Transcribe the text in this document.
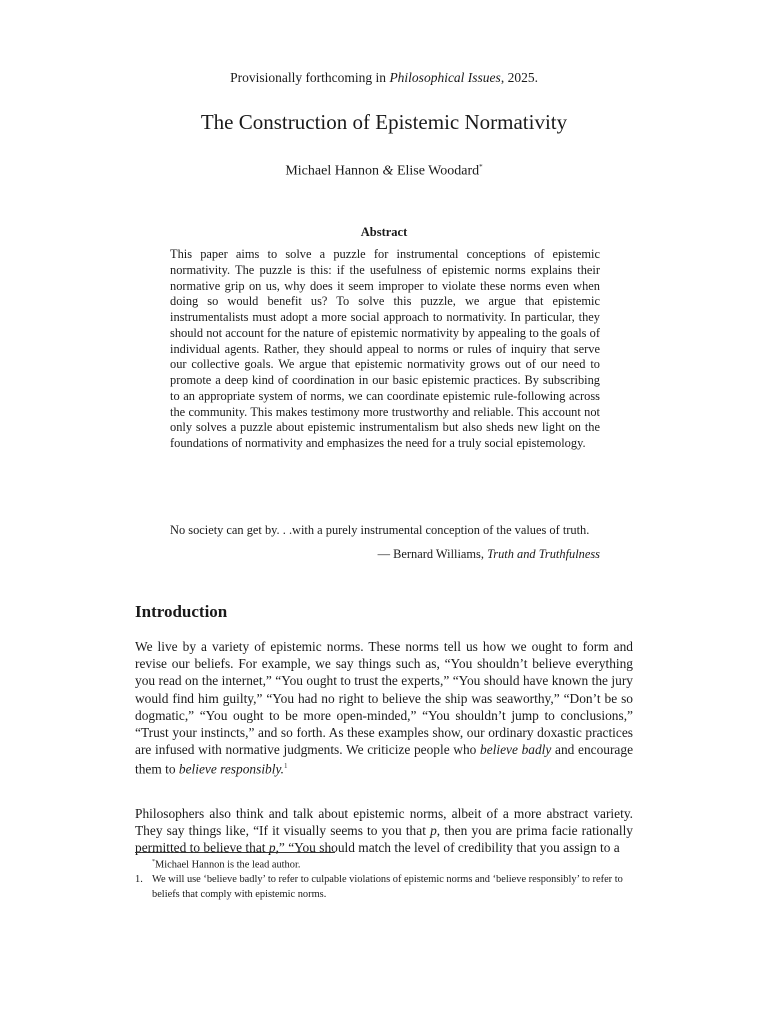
Provisionally forthcoming in Philosophical Issues, 2025.
The Construction of Epistemic Normativity
Michael Hannon & Elise Woodard*
Abstract

This paper aims to solve a puzzle for instrumental conceptions of epistemic normativity. The puzzle is this: if the usefulness of epistemic norms explains their normative grip on us, why does it seem improper to violate these norms even when doing so would benefit us? To solve this puzzle, we argue that epistemic instrumentalists must adopt a more social approach to normativity. In particular, they should not account for the nature of epistemic normativity by appealing to the goals of individual agents. Rather, they should appeal to norms or rules of inquiry that serve our collective goals. We argue that epistemic normativity grows out of our need to promote a deep kind of coordination in our basic epistemic practices. By subscribing to an appropriate system of norms, we can coordinate epistemic rule-following across the community. This makes testimony more trustworthy and reliable. This account not only solves a puzzle about epistemic instrumentalism but also sheds new light on the foundations of normativity and emphasizes the need for a truly social epistemology.

No society can get by. . .with a purely instrumental conception of the values of truth.

— Bernard Williams, Truth and Truthfulness
Introduction

We live by a variety of epistemic norms. These norms tell us how we ought to form and revise our beliefs. For example, we say things such as, “You shouldn’t believe everything you read on the internet,” “You ought to trust the experts,” “You should have known the jury would find him guilty,” “You had no right to believe the ship was seaworthy,” “Don’t be so dogmatic,” “You ought to be more open-minded,” “You shouldn’t jump to conclusions,” “Trust your instincts,” and so forth. As these examples show, our ordinary doxastic practices are infused with normative judgments. We criticize people who believe badly and encourage them to believe responsibly.$^1$

Philosophers also think and talk about epistemic norms, albeit of a more abstract variety. They say things like, “If it visually seems to you that p, then you are prima facie rationally permitted to believe that p,” “You should match the level of credibility that you assign to a

*Michael Hannon is the lead author.

1. We will use ‘believe badly’ to refer to culpable violations of epistemic norms and ‘believe responsibly’ to refer to beliefs that comply with epistemic norms.
